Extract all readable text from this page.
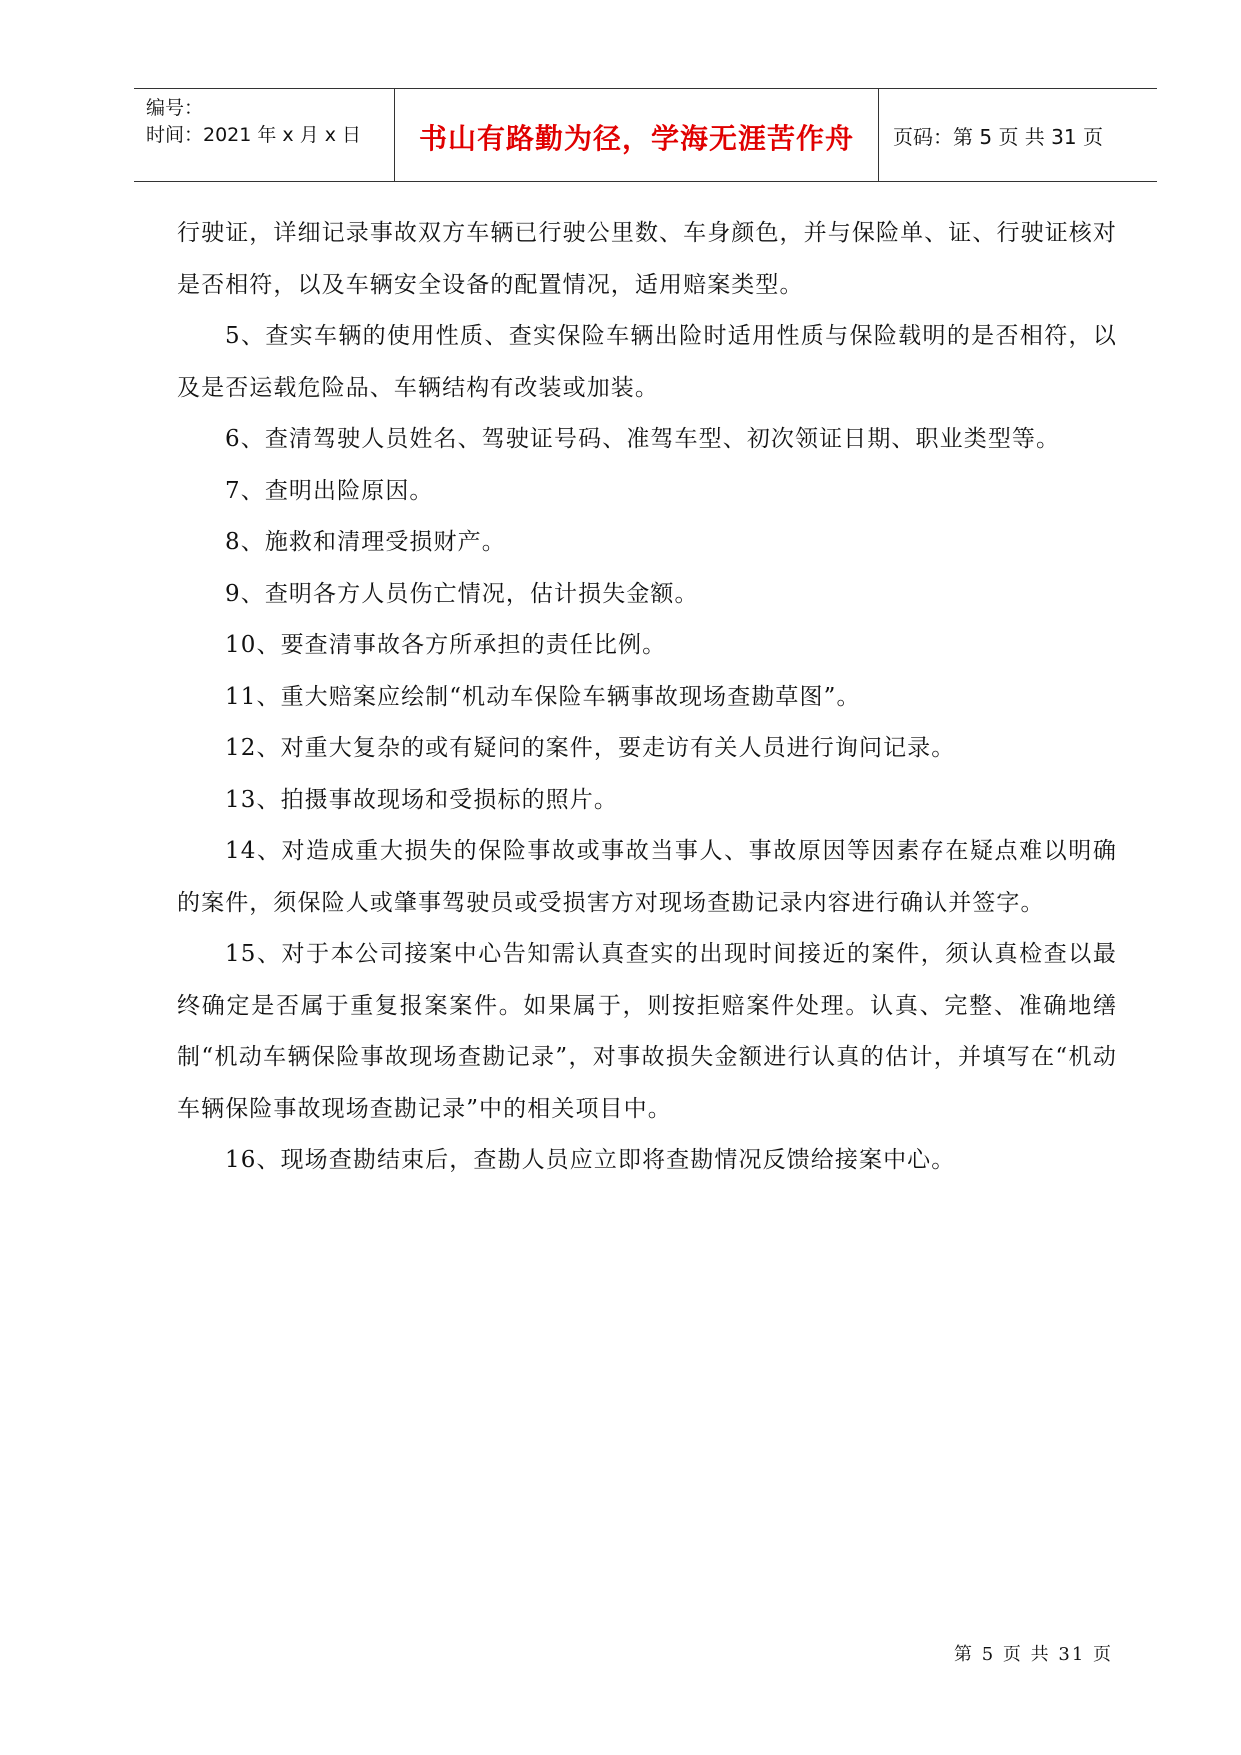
编号：
时间：2021 年 x 月 x 日	书山有路勤为径，学海无涯苦作舟	页码：第 5 页 共 31 页

行驶证，详细记录事故双方车辆已行驶公里数、车身颜色，并与保险单、证、行驶证核对是否相符，以及车辆安全设备的配置情况，适用赔案类型。

5、查实车辆的使用性质、查实保险车辆出险时适用性质与保险载明的是否相符，以及是否运载危险品、车辆结构有改装或加装。

6、查清驾驶人员姓名、驾驶证号码、准驾车型、初次领证日期、职业类型等。

7、查明出险原因。

8、施救和清理受损财产。

9、查明各方人员伤亡情况，估计损失金额。

10、要查清事故各方所承担的责任比例。

11、重大赔案应绘制“机动车保险车辆事故现场查勘草图”。

12、对重大复杂的或有疑问的案件，要走访有关人员进行询问记录。

13、拍摄事故现场和受损标的照片。

14、对造成重大损失的保险事故或事故当事人、事故原因等因素存在疑点难以明确的案件，须保险人或肇事驾驶员或受损害方对现场查勘记录内容进行确认并签字。

15、对于本公司接案中心告知需认真查实的出现时间接近的案件，须认真检查以最终确定是否属于重复报案案件。如果属于，则按拒赔案件处理。认真、完整、准确地缮制“机动车辆保险事故现场查勘记录”，对事故损失金额进行认真的估计，并填写在“机动车辆保险事故现场查勘记录”中的相关项目中。

16、现场查勘结束后，查勘人员应立即将查勘情况反馈给接案中心。

第 5 页 共 31 页
